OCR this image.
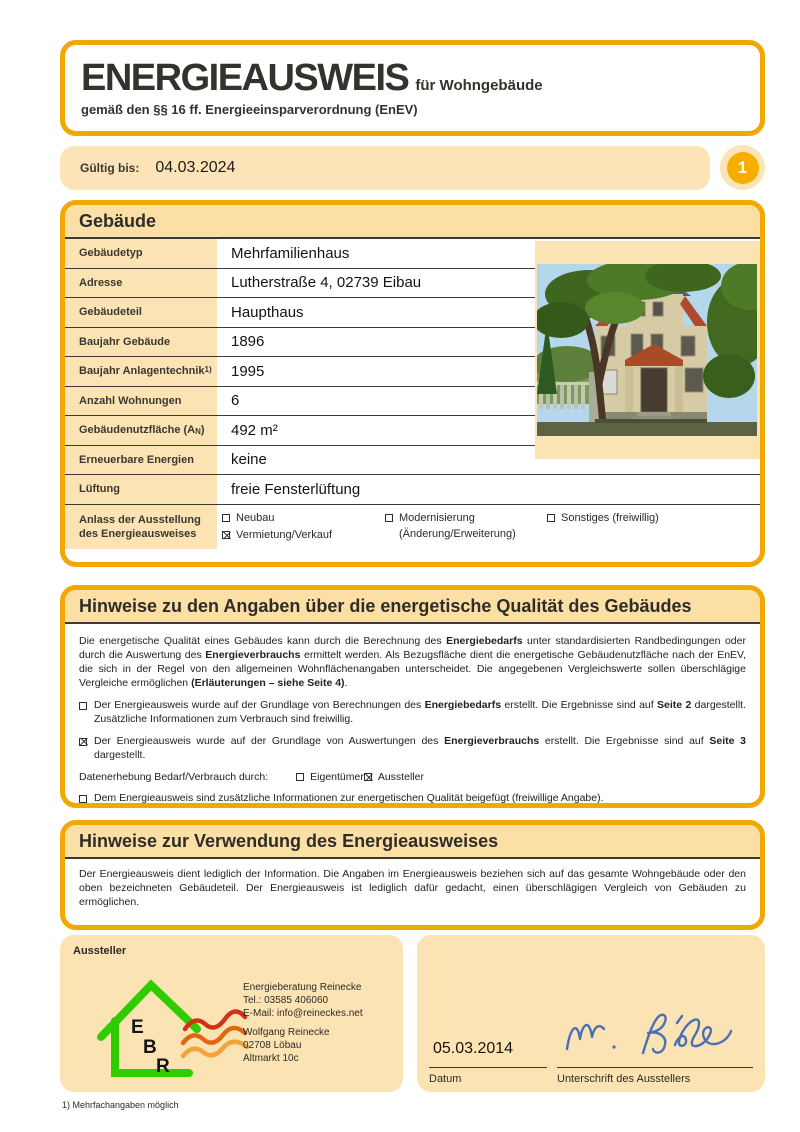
ENERGIEAUSWEIS für Wohngebäude
gemäß den §§ 16 ff. Energieeinsparverordnung (EnEV)
Gültig bis: 04.03.2024	1
Gebäude
Gebäudetyp	Mehrfamilienhaus
Adresse	Lutherstraße 4, 02739 Eibau
Gebäudeteil	Haupthaus
Baujahr Gebäude	1896
Baujahr Anlagentechnik 1)	1995
Anzahl Wohnungen	6
Gebäudenutzfläche (A N )	492 m²
Erneuerbare Energien	keine
Lüftung	freie Fensterlüftung
Anlass der Ausstellung
des Energieausweises
Neubau
Vermietung/Verkauf
Modernisierung
(Änderung/Erweiterung)
Sonstiges (freiwillig)
Hinweise zu den Angaben über die energetische Qualität des Gebäudes
Die energetische Qualität eines Gebäudes kann durch die Berechnung des Energiebedarfs unter standardisierten Randbedingungen oder durch die Auswertung des Energieverbrauchs ermittelt werden. Als Bezugsfläche dient die energetische Gebäudenutzfläche nach der EnEV, die sich in der Regel von den allgemeinen Wohnflächenangaben unterscheidet. Die angegebenen Vergleichswerte sollen überschlägige Vergleiche ermöglichen (Erläuterungen – siehe Seite 4).
Der Energieausweis wurde auf der Grundlage von Berechnungen des Energiebedarfs erstellt. Die Ergebnisse sind auf Seite 2 dargestellt. Zusätzliche Informationen zum Verbrauch sind freiwillig.
Der Energieausweis wurde auf der Grundlage von Auswertungen des Energieverbrauchs erstellt. Die Ergebnisse sind auf Seite 3 dargestellt.
Datenerhebung Bedarf/Verbrauch durch:	Eigentümer Aussteller
Dem Energieausweis sind zusätzliche Informationen zur energetischen Qualität beigefügt (freiwillige Angabe).
Hinweise zur Verwendung des Energieausweises
Der Energieausweis dient lediglich der Information. Die Angaben im Energieausweis beziehen sich auf das gesamte Wohngebäude oder den oben bezeichneten Gebäudeteil. Der Energieausweis ist lediglich dafür gedacht, einen überschlägigen Vergleich von Gebäuden zu ermöglichen.
Aussteller
E
B
R
Energieberatung Reinecke
Tel.: 03585 406060
E-Mail: info@reineckes.net
Wolfgang Reinecke
02708 Löbau
Altmarkt 10c
05.03.2014
Datum	Unterschrift des Ausstellers
1) Mehrfachangaben möglich
